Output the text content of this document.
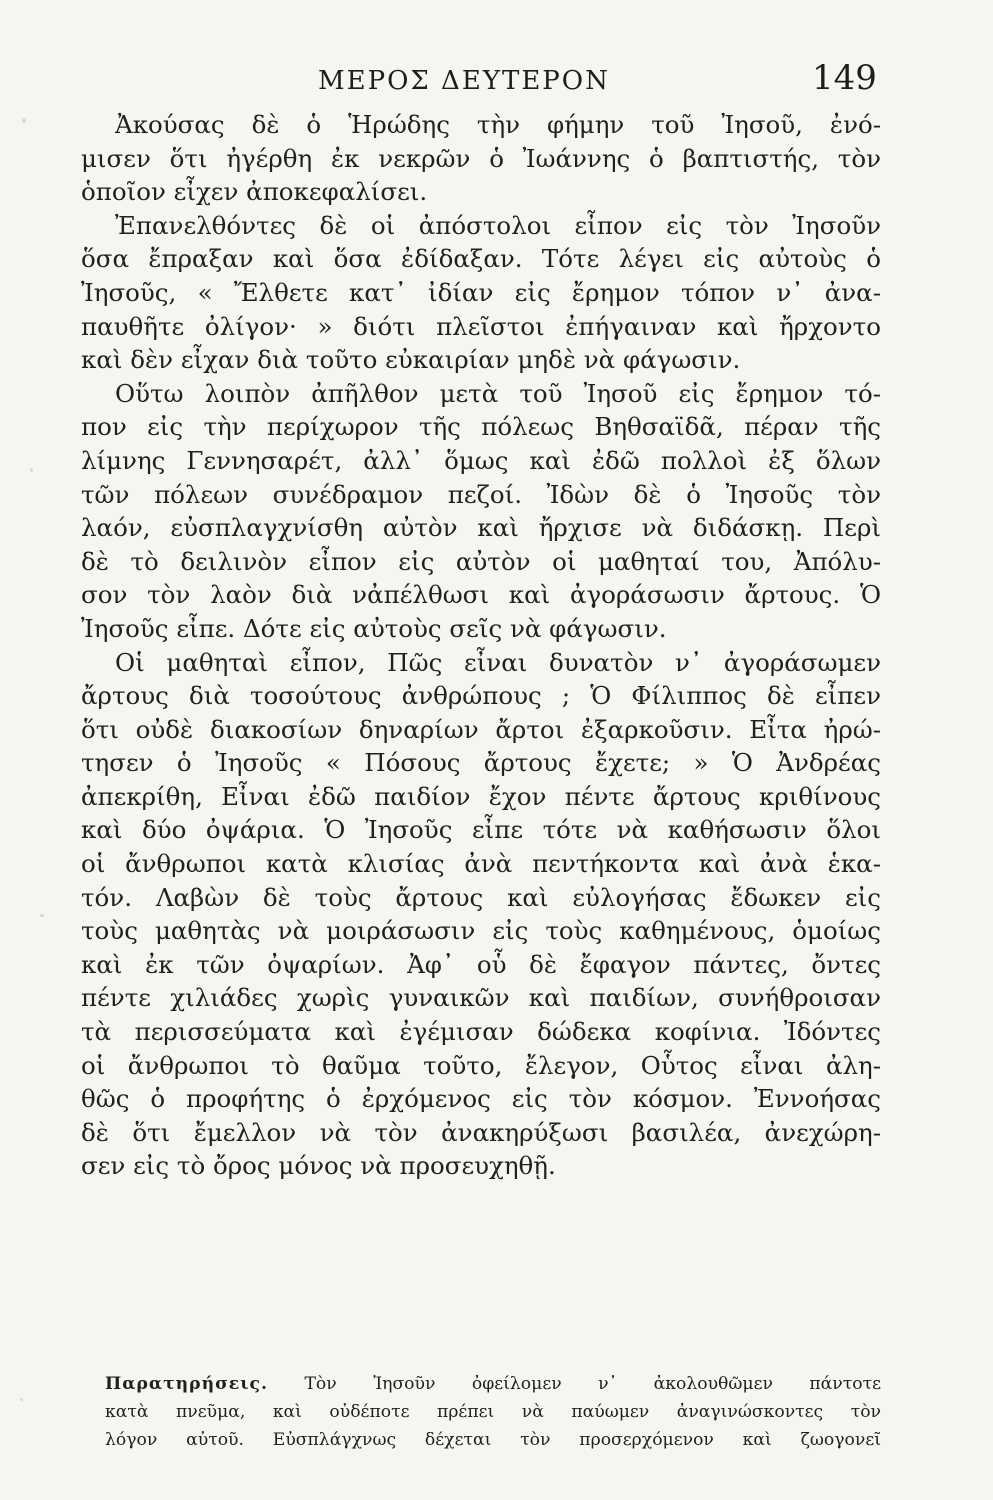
ΜΕΡΟΣ ΔΕΥΤΕΡΟΝ	149
Ἀκούσας δὲ ὁ Ἡρώδης τὴν φήμην τοῦ Ἰησοῦ, ἐνό-
μισεν ὅτι ἠγέρθη ἐκ νεκρῶν ὁ Ἰωάννης ὁ βαπτιστής, τὸν
ὁποῖον εἶχεν ἀποκεφαλίσει.
Ἐπανελθόντες δὲ οἱ ἀπόστολοι εἶπον εἰς τὸν Ἰησοῦν
ὅσα ἔπραξαν καὶ ὅσα ἐδίδαξαν. Τότε λέγει εἰς αὐτοὺς ὁ
Ἰησοῦς, « Ἔλθετε κατ᾽ ἰδίαν εἰς ἔρημον τόπον ν᾽ ἀνα-
παυθῆτε ὀλίγον· » διότι πλεῖστοι ἐπήγαιναν καὶ ἤρχοντο
καὶ δὲν εἶχαν διὰ τοῦτο εὐκαιρίαν μηδὲ νὰ φάγωσιν.
Οὕτω λοιπὸν ἀπῆλθον μετὰ τοῦ Ἰησοῦ εἰς ἔρημον τό-
πον εἰς τὴν περίχωρον τῆς πόλεως Βηθσαϊδᾶ, πέραν τῆς
λίμνης Γεννησαρέτ, ἀλλ᾽ ὅμως καὶ ἐδῶ πολλοὶ ἐξ ὅλων
τῶν πόλεων συνέδραμον πεζοί. Ἰδὼν δὲ ὁ Ἰησοῦς τὸν
λαόν, εὐσπλαγχνίσθη αὐτὸν καὶ ἤρχισε νὰ διδάσκῃ. Περὶ
δὲ τὸ δειλινὸν εἶπον εἰς αὐτὸν οἱ μαθηταί του, Ἀπόλυ-
σον τὸν λαὸν διὰ νἀπέλθωσι καὶ ἀγοράσωσιν ἄρτους. Ὁ
Ἰησοῦς εἶπε. Δότε εἰς αὐτοὺς σεῖς νὰ φάγωσιν.
Οἱ μαθηταὶ εἶπον, Πῶς εἶναι δυνατὸν ν᾽ ἀγοράσωμεν
ἄρτους διὰ τοσούτους ἀνθρώπους ; Ὁ Φίλιππος δὲ εἶπεν
ὅτι οὐδὲ διακοσίων δηναρίων ἄρτοι ἐξαρκοῦσιν. Εἶτα ἠρώ-
τησεν ὁ Ἰησοῦς « Πόσους ἄρτους ἔχετε; » Ὁ Ἀνδρέας
ἀπεκρίθη, Εἶναι ἐδῶ παιδίον ἔχον πέντε ἄρτους κριθίνους
καὶ δύο ὀψάρια. Ὁ Ἰησοῦς εἶπε τότε νὰ καθήσωσιν ὅλοι
οἱ ἄνθρωποι κατὰ κλισίας ἀνὰ πεντήκοντα καὶ ἀνὰ ἑκα-
τόν. Λαβὼν δὲ τοὺς ἄρτους καὶ εὐλογήσας ἔδωκεν εἰς
τοὺς μαθητὰς νὰ μοιράσωσιν εἰς τοὺς καθημένους, ὁμοίως
καὶ ἐκ τῶν ὀψαρίων. Ἀφ᾽ οὗ δὲ ἔφαγον πάντες, ὄντες
πέντε χιλιάδες χωρὶς γυναικῶν καὶ παιδίων, συνήθροισαν
τὰ περισσεύματα καὶ ἐγέμισαν δώδεκα κοφίνια. Ἰδόντες
οἱ ἄνθρωποι τὸ θαῦμα τοῦτο, ἔλεγον, Οὗτος εἶναι ἀλη-
θῶς ὁ προφήτης ὁ ἐρχόμενος εἰς τὸν κόσμον. Ἐννοήσας
δὲ ὅτι ἔμελλον νὰ τὸν ἀνακηρύξωσι βασιλέα, ἀνεχώρη-
σεν εἰς τὸ ὄρος μόνος νὰ προσευχηθῇ.
Παρατηρήσεις. Τὸν Ἰησοῦν ὀφείλομεν ν᾽ ἀκολουθῶμεν πάντοτε
κατὰ πνεῦμα, καὶ οὐδέποτε πρέπει νὰ παύωμεν ἀναγινώσκοντες τὸν
λόγον αὐτοῦ. Εὐσπλάγχνως δέχεται τὸν προσερχόμενον καὶ ζωογονεῖ
